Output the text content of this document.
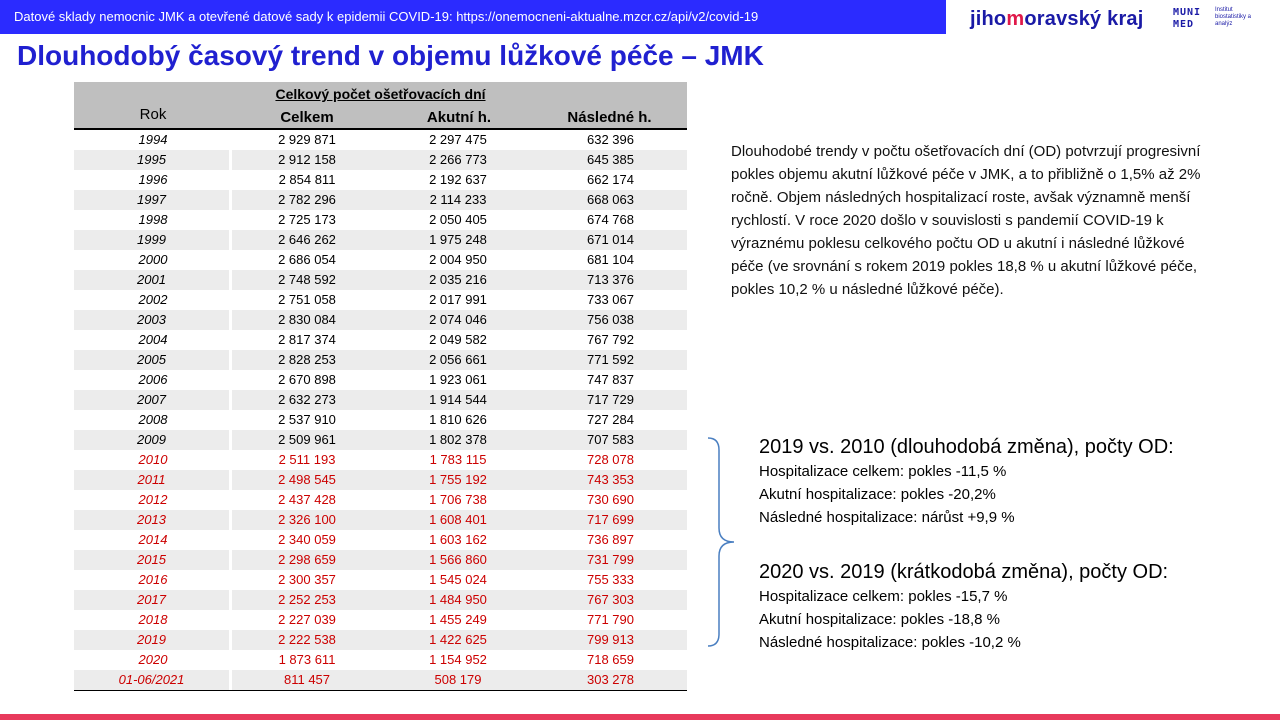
Datové sklady nemocnic JMK a otevřené datové sady k epidemii COVID-19: https://onemocneni-aktualne.mzcr.cz/api/v2/covid-19	jihomoravský kraj	MUNI
MED
Institut biostatistiky a analýz
Dlouhodobý časový trend v objemu lůžkové péče – JMK
Celkový počet ošetřovacích dní
Rok	Celkem	Akutní h.	Následné h.
1994	2 929 871	2 297 475	632 396
1995	2 912 158	2 266 773	645 385
1996	2 854 811	2 192 637	662 174
1997	2 782 296	2 114 233	668 063
1998	2 725 173	2 050 405	674 768
1999	2 646 262	1 975 248	671 014
2000	2 686 054	2 004 950	681 104
2001	2 748 592	2 035 216	713 376
2002	2 751 058	2 017 991	733 067
2003	2 830 084	2 074 046	756 038
2004	2 817 374	2 049 582	767 792
2005	2 828 253	2 056 661	771 592
2006	2 670 898	1 923 061	747 837
2007	2 632 273	1 914 544	717 729
2008	2 537 910	1 810 626	727 284
2009	2 509 961	1 802 378	707 583
2010	2 511 193	1 783 115	728 078
2011	2 498 545	1 755 192	743 353
2012	2 437 428	1 706 738	730 690
2013	2 326 100	1 608 401	717 699
2014	2 340 059	1 603 162	736 897
2015	2 298 659	1 566 860	731 799
2016	2 300 357	1 545 024	755 333
2017	2 252 253	1 484 950	767 303
2018	2 227 039	1 455 249	771 790
2019	2 222 538	1 422 625	799 913
2020	1 873 611	1 154 952	718 659
01-06/2021	811 457	508 179	303 278
Dlouhodobé trendy v počtu ošetřovacích dní (OD) potvrzují progresivní pokles objemu akutní lůžkové péče v JMK, a to přibližně o 1,5% až 2% ročně. Objem následných hospitalizací roste, avšak významně menší rychlostí. V roce 2020 došlo v souvislosti s pandemií COVID-19 k výraznému poklesu celkového počtu OD u akutní i následné lůžkové péče (ve srovnání s rokem 2019 pokles 18,8 % u akutní lůžkové péče, pokles 10,2 % u následné lůžkové péče).
2019 vs. 2010 (dlouhodobá změna), počty OD:
Hospitalizace celkem: pokles -11,5 %
Akutní hospitalizace: pokles -20,2%
Následné hospitalizace: nárůst +9,9 %
2020 vs. 2019 (krátkodobá změna), počty OD:
Hospitalizace celkem: pokles -15,7 %
Akutní hospitalizace: pokles -18,8 %
Následné hospitalizace: pokles -10,2 %
